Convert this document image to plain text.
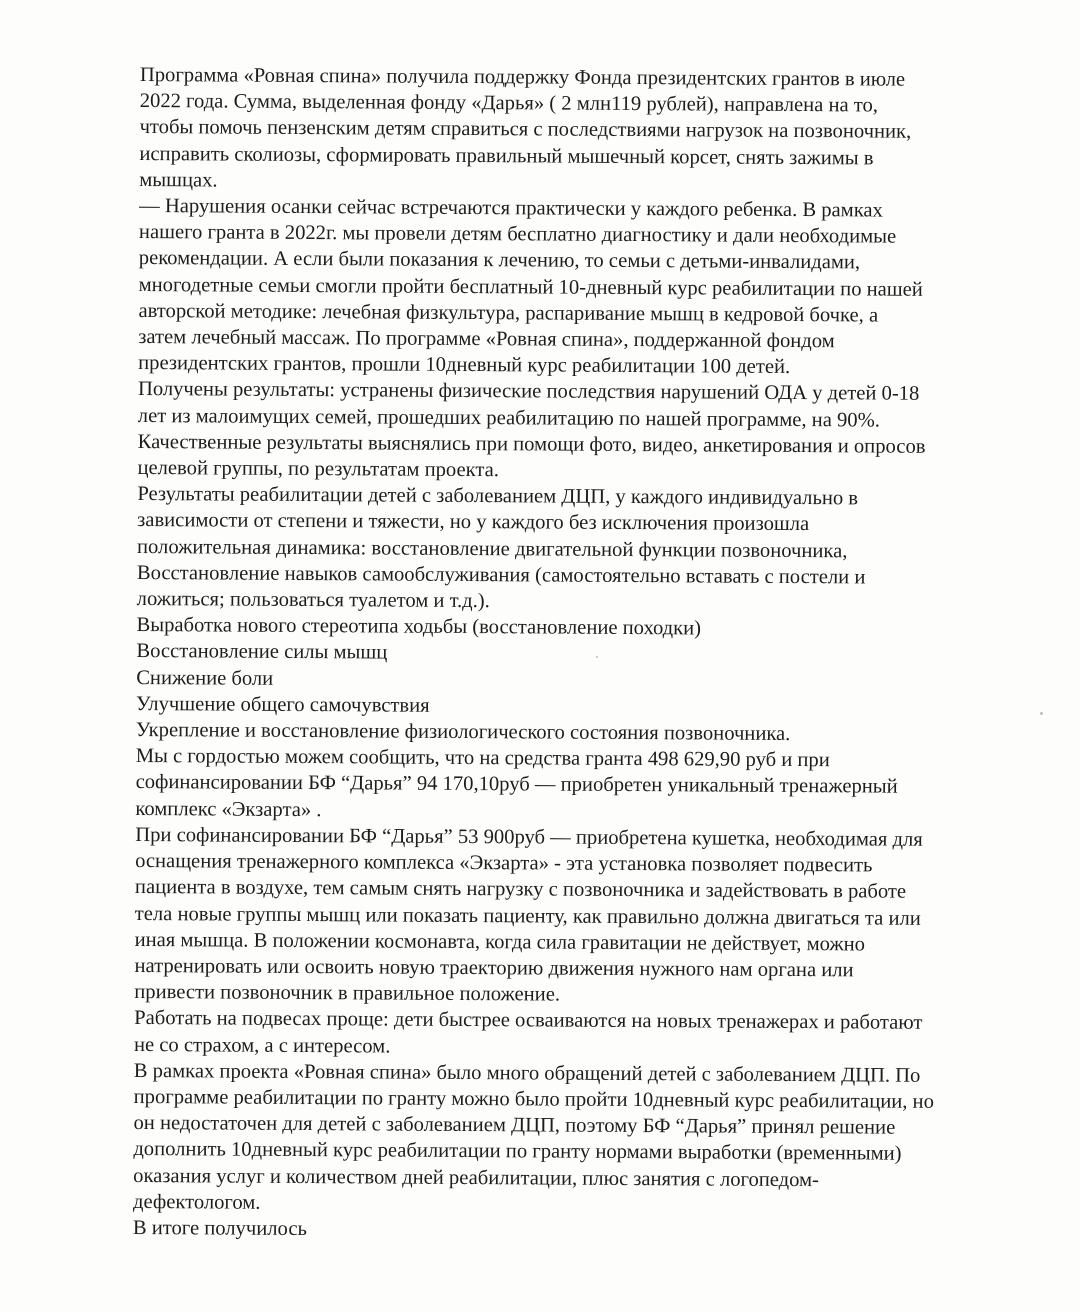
Программа «Ровная спина» получила поддержку Фонда президентских грантов в июле
2022 года. Сумма, выделенная фонду «Дарья» ( 2 млн119 рублей), направлена на то,
чтобы помочь пензенским детям справиться с последствиями нагрузок на позвоночник,
исправить сколиозы, сформировать правильный мышечный корсет, снять зажимы в
мышцах.
— Нарушения осанки сейчас встречаются практически у каждого ребенка. В рамках
нашего гранта в 2022г. мы провели детям бесплатно диагностику и дали необходимые
рекомендации. А если были показания к лечению, то семьи с детьми-инвалидами,
многодетные семьи смогли пройти бесплатный 10-дневный курс реабилитации по нашей
авторской методике: лечебная физкультура, распаривание мышц в кедровой бочке, а
затем лечебный массаж. По программе «Ровная спина», поддержанной фондом
президентских грантов, прошли 10дневный курс реабилитации 100 детей.
Получены результаты: устранены физические последствия нарушений ОДА у детей 0-18
лет из малоимущих семей, прошедших реабилитацию по нашей программе, на 90%.
Качественные результаты выяснялись при помощи фото, видео, анкетирования и опросов
целевой группы, по результатам проекта.
Результаты реабилитации детей с заболеванием ДЦП, у каждого индивидуально в
зависимости от степени и тяжести, но у каждого без исключения произошла
положительная динамика: восстановление двигательной функции позвоночника,
Восстановление навыков самообслуживания (самостоятельно вставать с постели и
ложиться; пользоваться туалетом и т.д.).
Выработка нового стереотипа ходьбы (восстановление походки)
Восстановление силы мышц
Снижение боли
Улучшение общего самочувствия
Укрепление и восстановление физиологического состояния позвоночника.
Мы с гордостью можем сообщить, что на средства гранта 498 629,90 руб и при
софинансировании БФ “Дарья” 94 170,10руб — приобретен уникальный тренажерный
комплекс «Экзарта» .
При софинансировании БФ “Дарья” 53 900руб — приобретена кушетка, необходимая для
оснащения тренажерного комплекса «Экзарта» - эта установка позволяет подвесить
пациента в воздухе, тем самым снять нагрузку с позвоночника и задействовать в работе
тела новые группы мышц или показать пациенту, как правильно должна двигаться та или
иная мышца. В положении космонавта, когда сила гравитации не действует, можно
натренировать или освоить новую траекторию движения нужного нам органа или
привести позвоночник в правильное положение.
Работать на подвесах проще: дети быстрее осваиваются на новых тренажерах и работают
не со страхом, а с интересом.
В рамках проекта «Ровная спина» было много обращений детей с заболеванием ДЦП. По
программе реабилитации по гранту можно было пройти 10дневный курс реабилитации, но
он недостаточен для детей с заболеванием ДЦП, поэтому БФ “Дарья” принял решение
дополнить 10дневный курс реабилитации по гранту нормами выработки (временными)
оказания услуг и количеством дней реабилитации, плюс занятия с логопедом-
дефектологом.
В итоге получилось
